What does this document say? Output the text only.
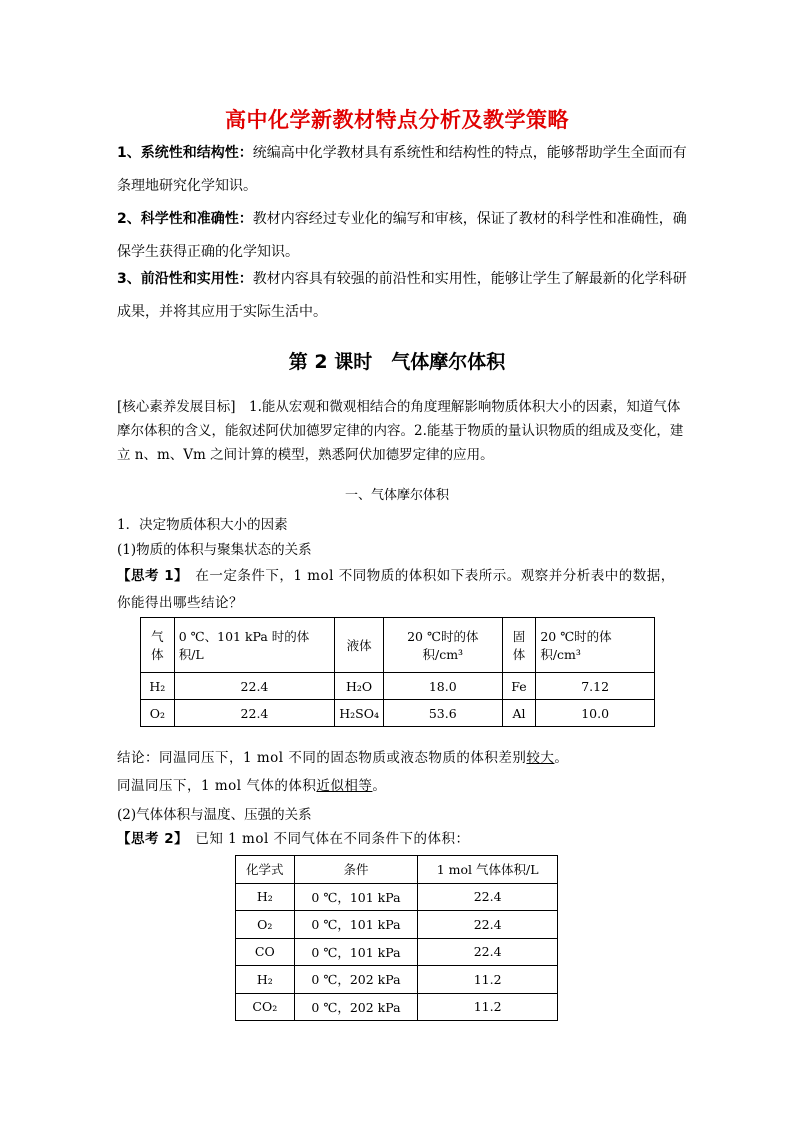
高中化学新教材特点分析及教学策略
1、系统性和结构性：统编高中化学教材具有系统性和结构性的特点，能够帮助学生全面而有条理地研究化学知识。
2、科学性和准确性：教材内容经过专业化的编写和审核，保证了教材的科学性和准确性，确保学生获得正确的化学知识。
3、前沿性和实用性：教材内容具有较强的前沿性和实用性，能够让学生了解最新的化学科研成果，并将其应用于实际生活中。
第 2 课时　气体摩尔体积
[核心素养发展目标]　1.能从宏观和微观相结合的角度理解影响物质体积大小的因素，知道气体摩尔体积的含义，能叙述阿伏加德罗定律的内容。2.能基于物质的量认识物质的组成及变化，建立 n、m、Vm 之间计算的模型，熟悉阿伏加德罗定律的应用。
一、气体摩尔体积
1．决定物质体积大小的因素
(1)物质的体积与聚集状态的关系
【思考 1】　在一定条件下，1 mol 不同物质的体积如下表所示。观察并分析表中的数据，你能得出哪些结论？
气体	0 ℃、101 kPa 时的体积/L	液体	20 ℃时的体积/cm³	固体	20 ℃时的体积/cm³
H₂	22.4	H₂O	18.0	Fe	7.12
O₂	22.4	H₂SO₄	53.6	Al	10.0
结论：同温同压下，1 mol 不同的固态物质或液态物质的体积差别较大。
同温同压下，1 mol 气体的体积近似相等。
(2)气体体积与温度、压强的关系
【思考 2】　已知 1 mol 不同气体在不同条件下的体积：
化学式	条件	1 mol 气体体积/L
H₂	0 ℃，101 kPa	22.4
O₂	0 ℃，101 kPa	22.4
CO	0 ℃，101 kPa	22.4
H₂	0 ℃，202 kPa	11.2
CO₂	0 ℃，202 kPa	11.2
